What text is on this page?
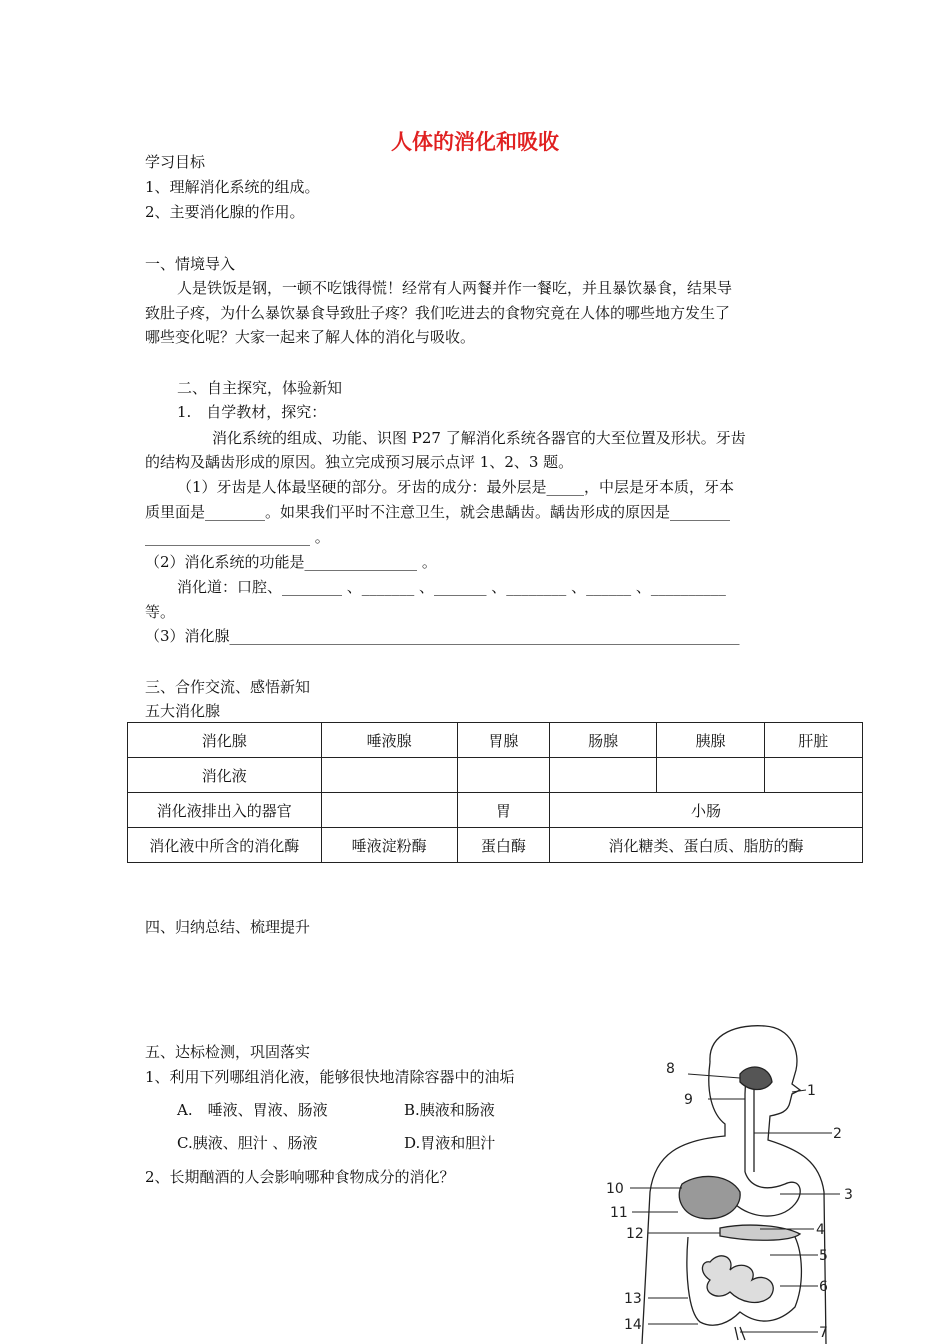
人体的消化和吸收
学习目标
1、理解消化系统的组成。
2、主要消化腺的作用。
一、情境导入
人是铁饭是钢，一顿不吃饿得慌！经常有人两餐并作一餐吃，并且暴饮暴食，结果导
致肚子疼，为什么暴饮暴食导致肚子疼？我们吃进去的食物究竟在人体的哪些地方发生了
哪些变化呢？大家一起来了解人体的消化与吸收。
二、自主探究，体验新知
1.　自学教材，探究：
消化系统的组成、功能、识图 P27 了解消化系统各器官的大至位置及形状。牙齿
的结构及龋齿形成的原因。独立完成预习展示点评 1、2、3 题。
（1）牙齿是人体最坚硬的部分。牙齿的成分：最外层是_____，中层是牙本质，牙本
质里面是________。如果我们平时不注意卫生，就会患龋齿。龋齿形成的原因是________
______________________ 。
（2）消化系统的功能是_______________ 。
消化道：口腔、________ 、_______ 、_______ 、________ 、______ 、__________
等。
（3）消化腺____________________________________________________________________
三、合作交流、感悟新知
五大消化腺
消化腺	唾液腺	胃腺	肠腺	胰腺	肝脏
消化液					
消化液排出入的器官		胃	小肠		
消化液中所含的消化酶	唾液淀粉酶	蛋白酶	消化糖类、蛋白质、脂肪的酶		
四、归纳总结、梳理提升
五、达标检测，巩固落实
1、利用下列哪组消化液，能够很快地清除容器中的油垢
A.　唾液、胃液、肠液	B.胰液和肠液
C.胰液、胆汁 、肠液	D.胃液和胆汁
2、长期酗酒的人会影响哪种食物成分的消化？
1
2
3
4
5
6
7
8
9
10
11
12
13
14
